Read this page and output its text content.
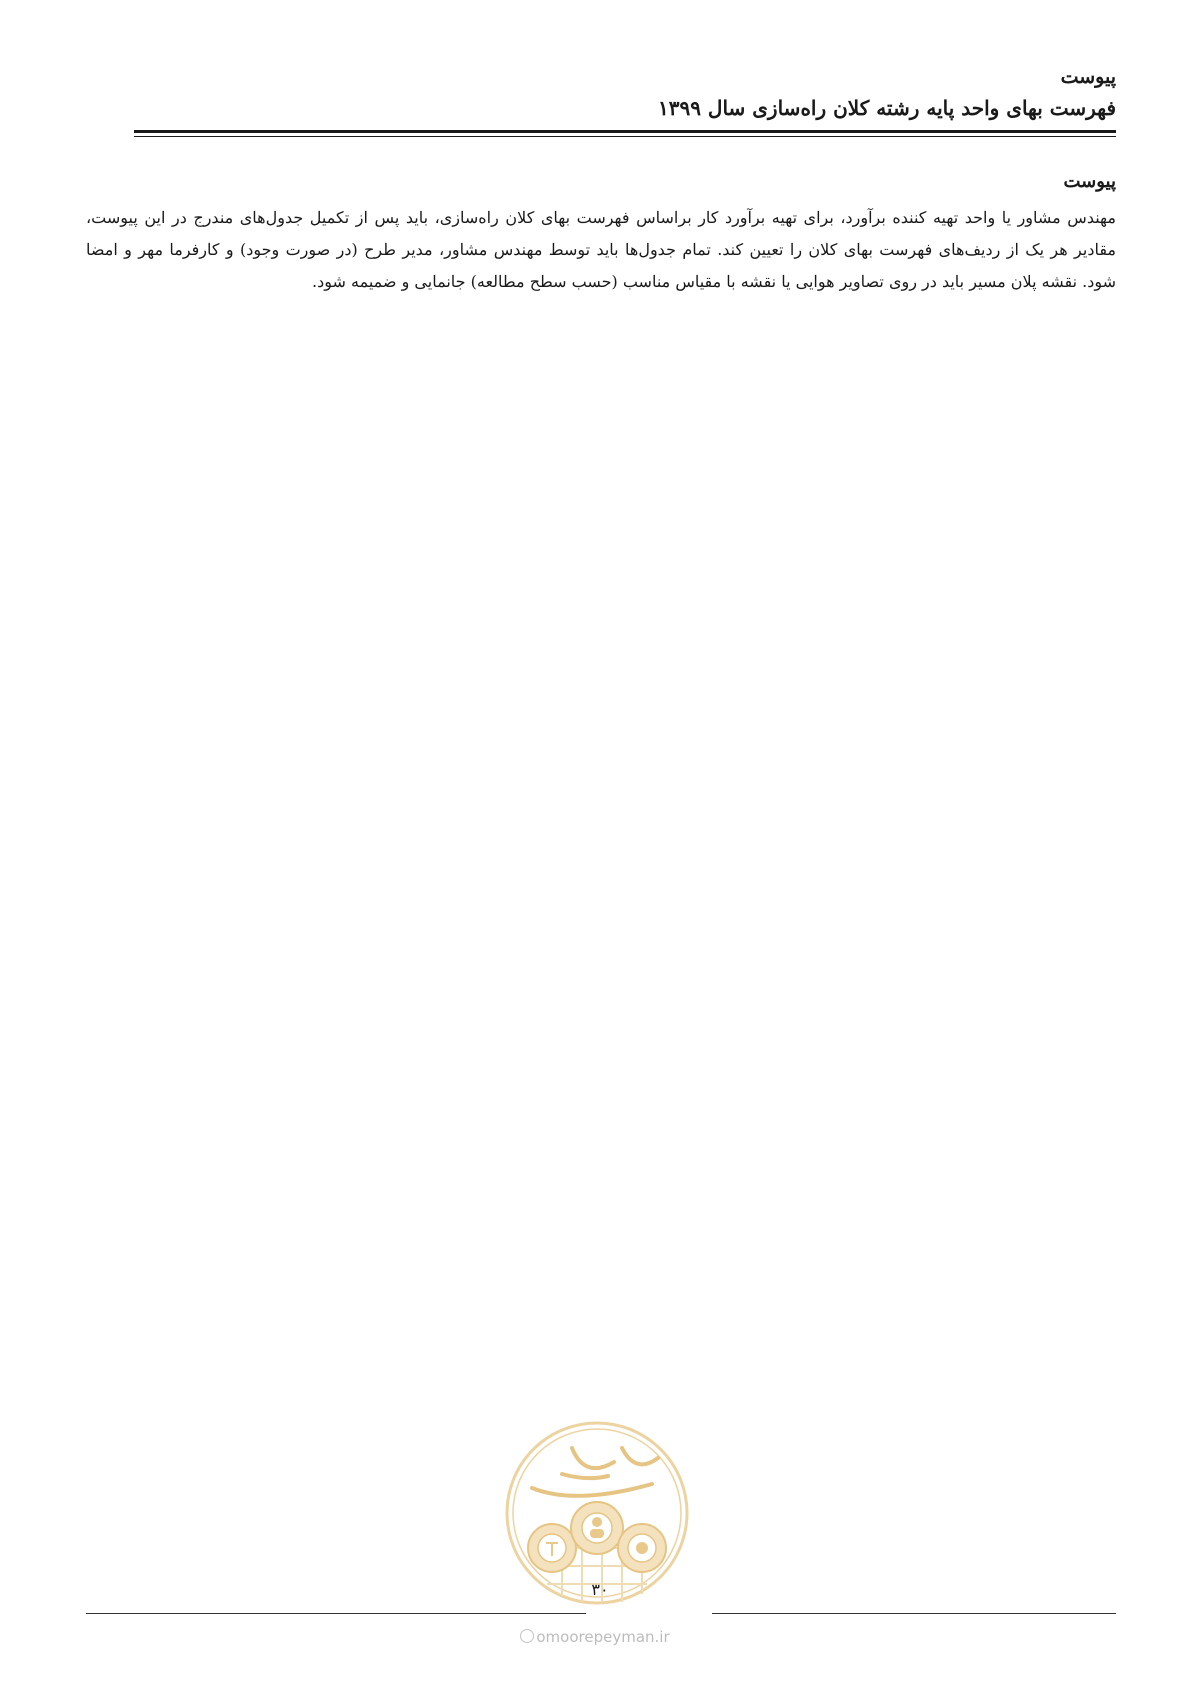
پیوست
فهرست بهای واحد پایه رشته کلان راه‌سازی سال ۱۳۹۹
پیوست
مهندس مشاور یا واحد تهیه کننده برآورد، برای تهیه برآورد کار براساس فهرست بهای کلان راه‌سازی، باید پس از تکمیل جدول‌های مندرج در این پیوست، مقادیر هر یک از ردیف‌های فهرست بهای کلان را تعیین کند. تمام جدول‌ها باید توسط مهندس مشاور، مدیر طرح (در صورت وجود) و کارفرما مهر و امضا شود. نقشه پلان مسیر باید در روی تصاویر هوایی یا نقشه با مقیاس مناسب (حسب سطح مطالعه) جانمایی و ضمیمه شود.
۳۰
omoorepeyman.ir
